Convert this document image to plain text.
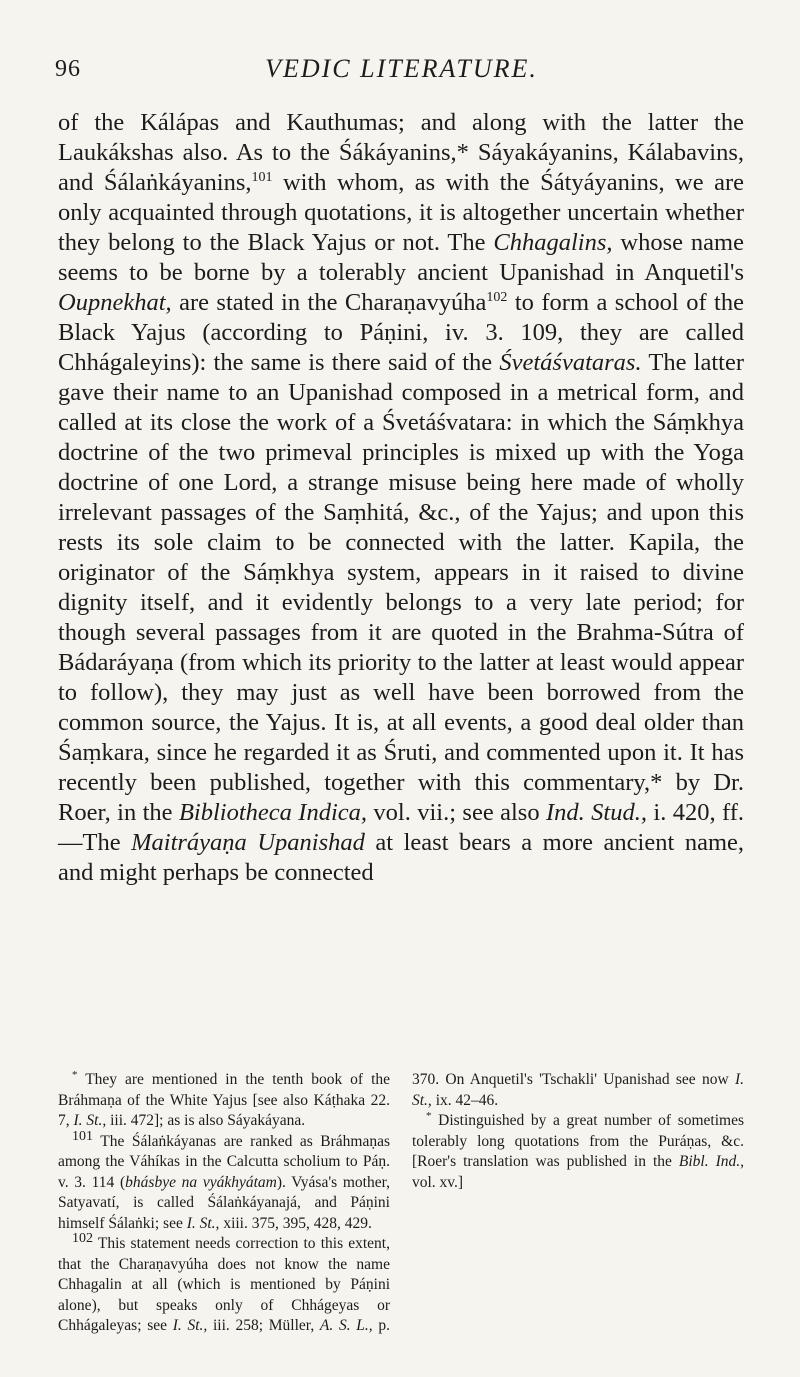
96	VEDIC LITERATURE.

of the Kálápas and Kauthumas; and along with the latter the Laukákshas also. As to the Śákáyanins,* Sáyakáyanins, Kálabavins, and Śálaṅkáyanins,$^{101}$ with whom, as with the Śátyáyanins, we are only acquainted through quotations, it is altogether uncertain whether they belong to the Black Yajus or not. The Chhagalins, whose name seems to be borne by a tolerably ancient Upanishad in Anquetil's Oupnekhat, are stated in the Charaṇavyúha$^{102}$ to form a school of the Black Yajus (according to Páṇini, iv. 3. 109, they are called Chhágaleyins): the same is there said of the Śvetáśvataras. The latter gave their name to an Upanishad composed in a metrical form, and called at its close the work of a Śvetáśvatara: in which the Sáṃkhya doctrine of the two primeval principles is mixed up with the Yoga doctrine of one Lord, a strange misuse being here made of wholly irrelevant passages of the Saṃhitá, &c., of the Yajus; and upon this rests its sole claim to be connected with the latter. Kapila, the originator of the Sáṃkhya system, appears in it raised to divine dignity itself, and it evidently belongs to a very late period; for though several passages from it are quoted in the Brahma-Sútra of Bádaráyaṇa (from which its priority to the latter at least would appear to follow), they may just as well have been borrowed from the common source, the Yajus. It is, at all events, a good deal older than Śaṃkara, since he regarded it as Śruti, and commented upon it. It has recently been published, together with this commentary,* by Dr. Roer, in the Bibliotheca Indica, vol. vii.; see also Ind. Stud., i. 420, ff.—The Maitráyaṇa Upanishad at least bears a more ancient name, and might perhaps be connected

* They are mentioned in the tenth book of the Bráhmaṇa of the White Yajus [see also Káṭhaka 22. 7, I. St., iii. 472]; as is also Sáyakáyana.

$^{101}$ The Śálaṅkáyanas are ranked as Bráhmaṇas among the Váhíkas in the Calcutta scholium to Páṇ. v. 3. 114 (bhásbye na vyákhyátam). Vyása's mother, Satyavatí, is called Śálaṅkáyanajá, and Páṇini himself Śálaṅki; see I. St., xiii. 375, 395, 428, 429.

$^{102}$ This statement needs correction to this extent, that the Charaṇavyúha does not know the name Chhagalin at all (which is mentioned by Páṇini alone), but speaks only of Chhágeyas or Chhágaleyas; see I. St., iii. 258; Müller, A. S. L., p. 370. On Anquetil's 'Tschakli' Upanishad see now I. St., ix. 42–46.

* Distinguished by a great number of sometimes tolerably long quotations from the Puráṇas, &c. [Roer's translation was published in the Bibl. Ind., vol. xv.]
